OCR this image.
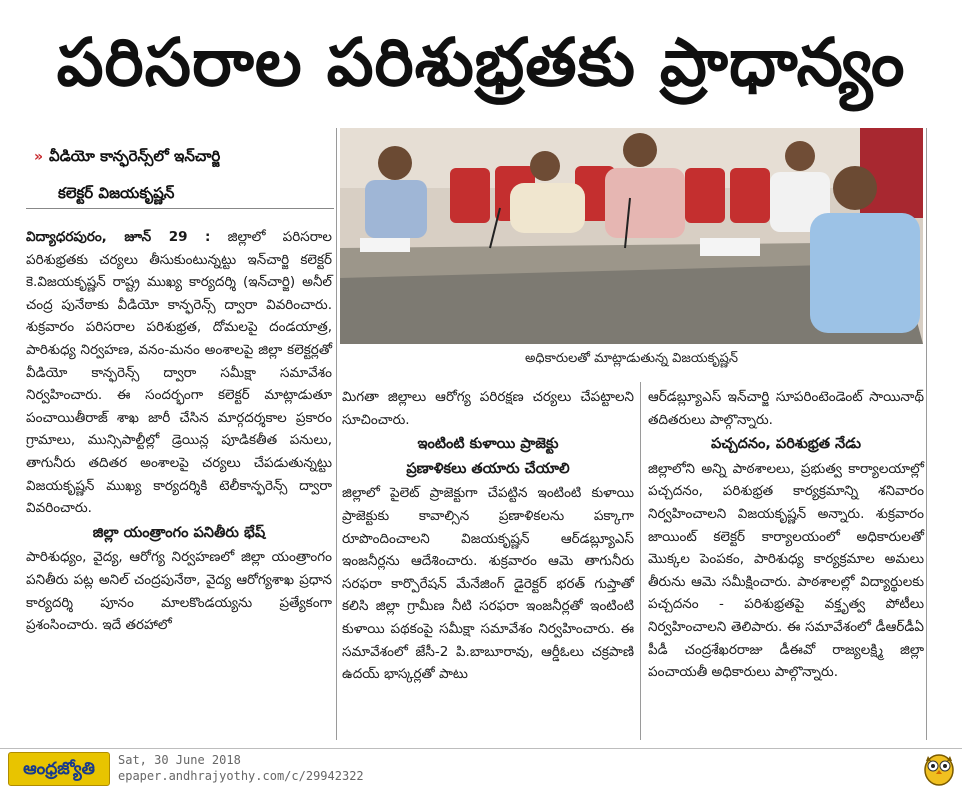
పరిసరాల పరిశుభ్రతకు ప్రాధాన్యం
» వీడియో కాన్ఫరెన్స్‌లో ఇన్‌చార్జి
కలెక్టర్ విజయకృష్ణన్
అధికారులతో మాట్లాడుతున్న విజయకృష్ణన్

విద్యాధరపురం, జూన్ 29 : జిల్లాలో పరిసరాల పరిశుభ్రతకు చర్యలు తీసుకుంటున్నట్టు ఇన్‌చార్జి కలెక్టర్ కె.విజయకృష్ణన్ రాష్ట్ర ముఖ్య కార్యదర్శి (ఇన్‌చార్జి) అనీల్ చంద్ర పునేఠాకు వీడియో కాన్ఫరెన్స్ ద్వారా వివరించారు. శుక్రవారం పరిసరాల పరిశుభ్రత, దోమలపై దండయాత్ర, పారిశుధ్య నిర్వహణ, వనం-మనం అంశాలపై జిల్లా కలెక్టర్లతో వీడియో కాన్ఫరెన్స్ ద్వారా సమీక్షా సమావేశం నిర్వహించారు. ఈ సందర్భంగా కలెక్టర్ మాట్లాడుతూ పంచాయితీరాజ్ శాఖ జారీ చేసిన మార్గదర్శకాల ప్రకారం గ్రామాలు, మున్సిపాల్టీల్లో డ్రెయిన్ల పూడికతీత పనులు, తాగునీరు తదితర అంశాలపై చర్యలు చేపడుతున్నట్టు విజయకృష్ణన్ ముఖ్య కార్యదర్శికి టెలీకాన్ఫరెన్స్ ద్వారా వివరించారు.

జిల్లా యంత్రాంగం పనితీరు భేష్

పారిశుధ్యం, వైద్య, ఆరోగ్య నిర్వహణలో జిల్లా యంత్రాంగం పనితీరు పట్ల అనిల్ చంద్రపునేఠా, వైద్య ఆరోగ్యశాఖ ప్రధాన కార్యదర్శి పూనం మాలకొండయ్యను ప్రత్యేకంగా ప్రశంసించారు. ఇదే తరహాలో

మిగతా జిల్లాలు ఆరోగ్య పరిరక్షణ చర్యలు చేపట్టాలని సూచించారు.

ఇంటింటి కుళాయి ప్రాజెక్టు

ప్రణాళికలు తయారు చేయాలి

జిల్లాలో పైలెట్ ప్రాజెక్టుగా చేపట్టిన ఇంటింటి కుళాయి ప్రాజెక్టుకు కావాల్సిన ప్రణాళికలను పక్కాగా రూపొందించాలని విజయకృష్ణన్ ఆర్‌డబ్ల్యూఎస్ ఇంజనీర్లను ఆదేశించారు. శుక్రవారం ఆమె తాగునీరు సరఫరా కార్పొరేషన్ మేనేజింగ్ డైరెక్టర్ భరత్ గుప్తాతో కలిసి జిల్లా గ్రామీణ నీటి సరఫరా ఇంజనీర్లతో ఇంటింటి కుళాయి పథకంపై సమీక్షా సమావేశం నిర్వహించారు. ఈ సమావేశంలో జేసీ-2 పి.బాబూరావు, ఆర్డీఓలు చక్రపాణి ఉదయ్ భాస్కర్లతో పాటు

ఆర్‌డబ్ల్యూఎస్ ఇన్‌చార్జి సూపరింటెండెంట్ సాయినాథ్ తదితరులు పాల్గొన్నారు.

పచ్చదనం, పరిశుభ్రత నేడు

జిల్లాలోని అన్ని పాఠశాలలు, ప్రభుత్వ కార్యాలయాల్లో పచ్చదనం, పరిశుభ్రత కార్యక్రమాన్ని శనివారం నిర్వహించాలని విజయకృష్ణన్ అన్నారు. శుక్రవారం జాయింట్ కలెక్టర్ కార్యాలయంలో అధికారులతో మొక్కల పెంపకం, పారిశుధ్య కార్యక్రమాల అమలు తీరును ఆమె సమీక్షించారు. పాఠశాలల్లో విద్యార్థులకు పచ్చదనం - పరిశుభ్రతపై వక్తృత్వ పోటీలు నిర్వహించాలని తెలిపారు. ఈ సమావేశంలో డీఆర్‌డీఏ పీడీ చంద్రశేఖరరాజు డీఈవో రాజ్యలక్ష్మి జిల్లా పంచాయతీ అధికారులు పాల్గొన్నారు.

ఆంధ్రజ్యోతి	Sat, 30 June 2018
epaper.andhrajyothy.com/c/29942322
